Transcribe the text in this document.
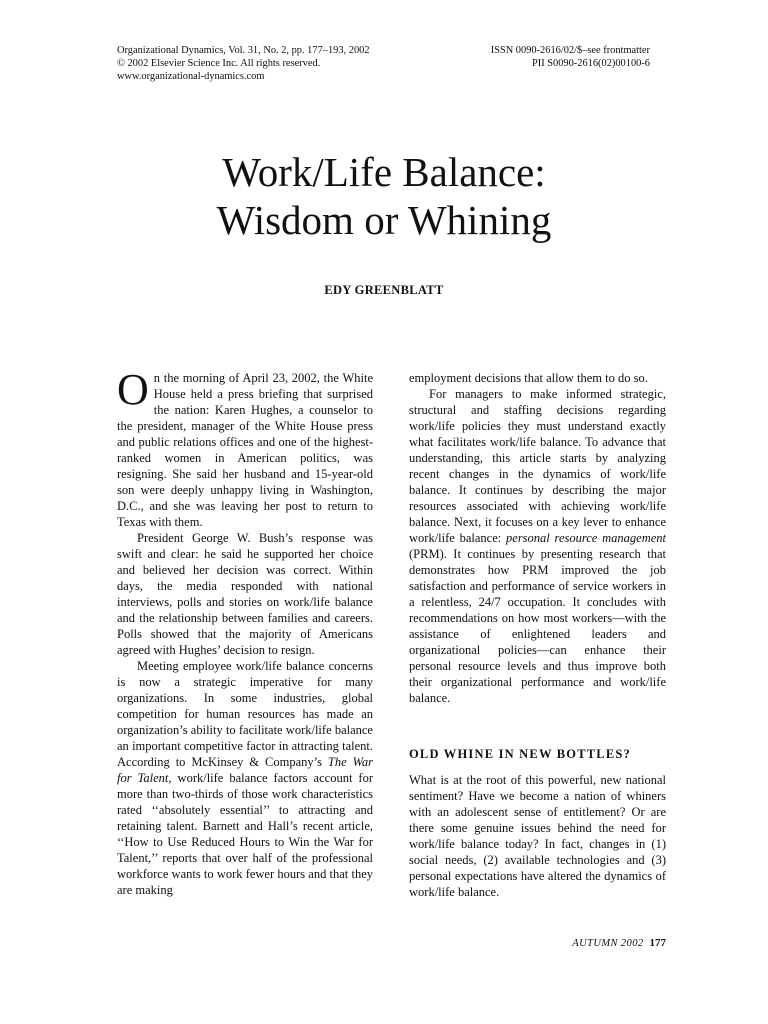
Organizational Dynamics, Vol. 31, No. 2, pp. 177–193, 2002
© 2002 Elsevier Science Inc. All rights reserved.
www.organizational-dynamics.com
ISSN 0090-2616/02/$–see frontmatter
PII S0090-2616(02)00100-6
Work/Life Balance:
Wisdom or Whining
EDY GREENBLATT

On the morning of April 23, 2002, the White House held a press briefing that surprised the nation: Karen Hughes, a counselor to the president, manager of the White House press and public relations offices and one of the highest-ranked women in American politics, was resigning. She said her husband and 15-year-old son were deeply unhappy living in Washington, D.C., and she was leaving her post to return to Texas with them.

President George W. Bush’s response was swift and clear: he said he supported her choice and believed her decision was correct. Within days, the media responded with national interviews, polls and stories on work/life balance and the relationship between families and careers. Polls showed that the majority of Americans agreed with Hughes’ decision to resign.

Meeting employee work/life balance concerns is now a strategic imperative for many organizations. In some industries, global competition for human resources has made an organization’s ability to facilitate work/life balance an important competitive factor in attracting talent. According to McKinsey & Company’s The War for Talent, work/life balance factors account for more than two-thirds of those work characteristics rated ‘‘absolutely essential’’ to attracting and retaining talent. Barnett and Hall’s recent article, ‘‘How to Use Reduced Hours to Win the War for Talent,’’ reports that over half of the professional workforce wants to work fewer hours and that they are making

employment decisions that allow them to do so.

For managers to make informed strategic, structural and staffing decisions regarding work/life policies they must understand exactly what facilitates work/life balance. To advance that understanding, this article starts by analyzing recent changes in the dynamics of work/life balance. It continues by describing the major resources associated with achieving work/life balance. Next, it focuses on a key lever to enhance work/life balance: personal resource management (PRM). It continues by presenting research that demonstrates how PRM improved the job satisfaction and performance of service workers in a relentless, 24/7 occupation. It concludes with recommendations on how most workers—with the assistance of enlightened leaders and organizational policies—can enhance their personal resource levels and thus improve both their organizational performance and work/life balance.

OLD WHINE IN NEW BOTTLES?

What is at the root of this powerful, new national sentiment? Have we become a nation of whiners with an adolescent sense of entitlement? Or are there some genuine issues behind the need for work/life balance today? In fact, changes in (1) social needs, (2) available technologies and (3) personal expectations have altered the dynamics of work/life balance.

AUTUMN 2002 177
